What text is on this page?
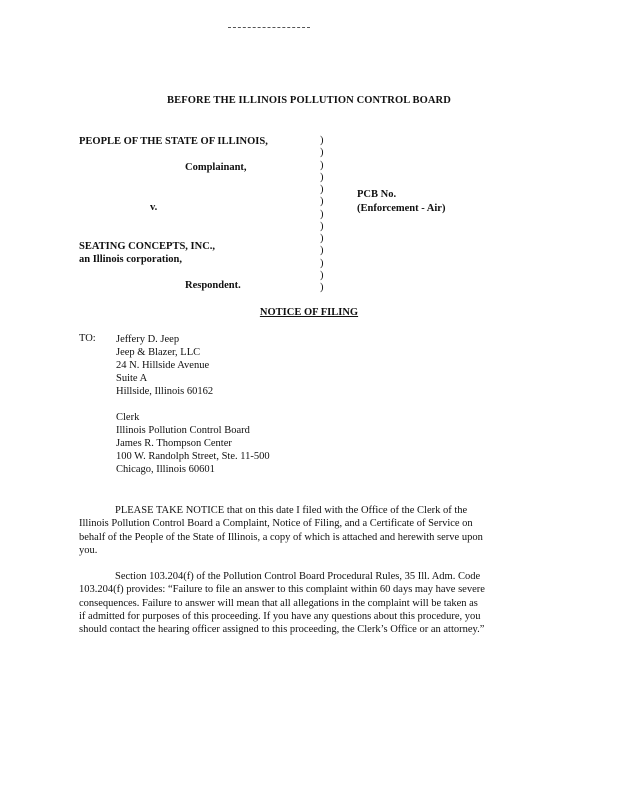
BEFORE THE ILLINOIS POLLUTION CONTROL BOARD
PEOPLE OF THE STATE OF ILLINOIS,
Complainant,
v.
SEATING CONCEPTS, INC.,
an Illinois corporation,
Respondent.
)
)
)
)
)
)
)
)
)
)
)
)
)
PCB No.
(Enforcement - Air)
NOTICE OF FILING
TO: Jeffery D. Jeep
Jeep & Blazer, LLC
24 N. Hillside Avenue
Suite A
Hillside, Illinois 60162
Clerk
Illinois Pollution Control Board
James R. Thompson Center
100 W. Randolph Street, Ste. 11-500
Chicago, Illinois 60601
PLEASE TAKE NOTICE that on this date I filed with the Office of the Clerk of the
Illinois Pollution Control Board a Complaint, Notice of Filing, and a Certificate of Service on
behalf of the People of the State of Illinois, a copy of which is attached and herewith serve upon
you.
Section 103.204(f) of the Pollution Control Board Procedural Rules, 35 Ill. Adm. Code
103.204(f) provides: “Failure to file an answer to this complaint within 60 days may have severe
consequences. Failure to answer will mean that all allegations in the complaint will be taken as
if admitted for purposes of this proceeding. If you have any questions about this procedure, you
should contact the hearing officer assigned to this proceeding, the Clerk’s Office or an attorney.”
